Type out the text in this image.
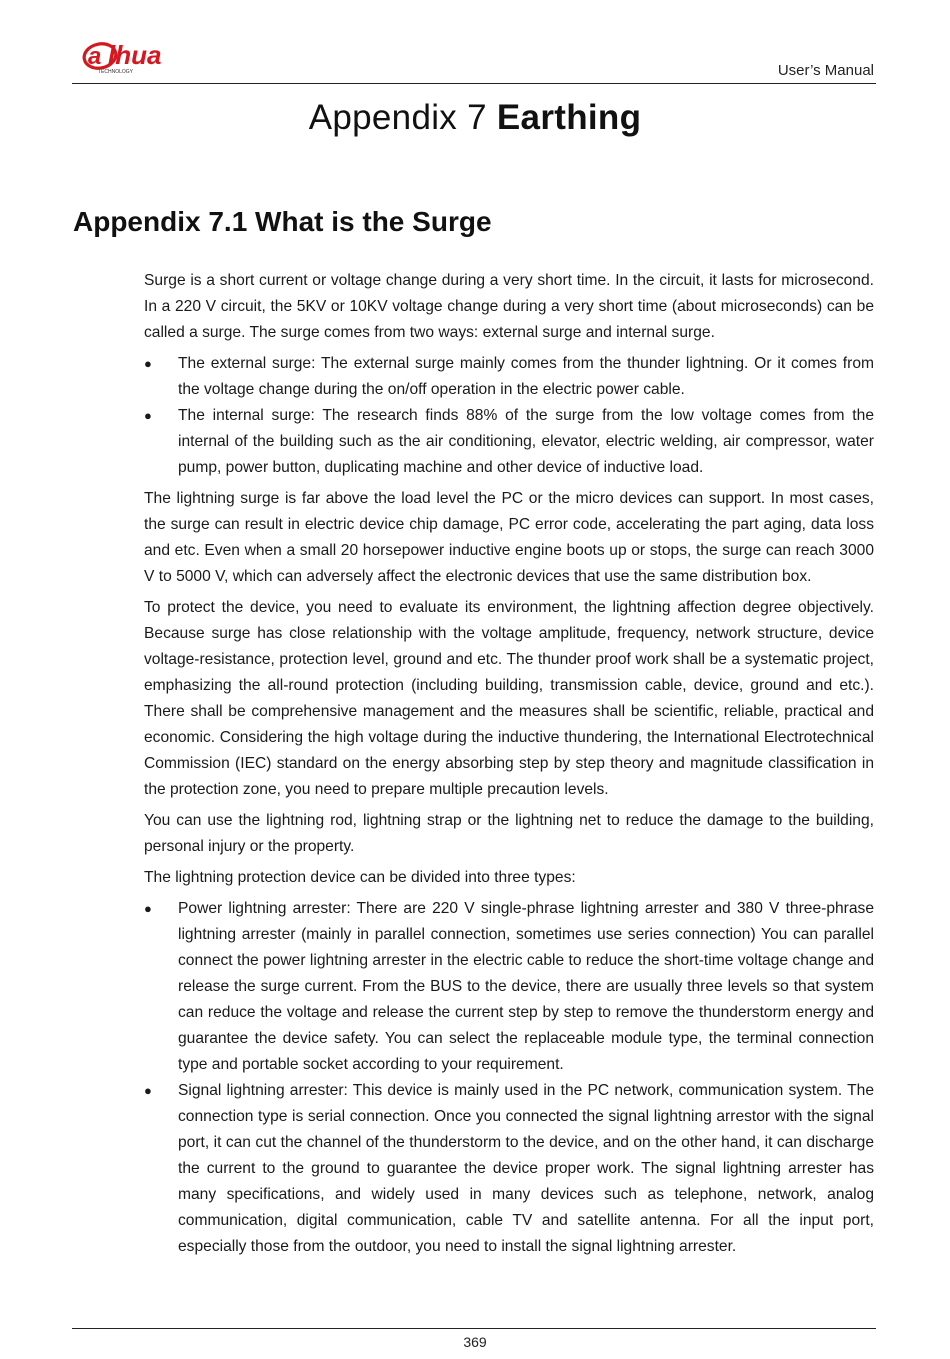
a lhua
TECHNOLOGY	User’s Manual
Appendix 7 Earthing
Appendix 7.1 What is the Surge

Surge is a short current or voltage change during a very short time. In the circuit, it lasts for microsecond. In a 220 V circuit, the 5KV or 10KV voltage change during a very short time (about microseconds) can be called a surge. The surge comes from two ways: external surge and internal surge.

● The external surge: The external surge mainly comes from the thunder lightning. Or it comes from the voltage change during the on/off operation in the electric power cable.
● The internal surge: The research finds 88% of the surge from the low voltage comes from the internal of the building such as the air conditioning, elevator, electric welding, air compressor, water pump, power button, duplicating machine and other device of inductive load.

The lightning surge is far above the load level the PC or the micro devices can support. In most cases, the surge can result in electric device chip damage, PC error code, accelerating the part aging, data loss and etc. Even when a small 20 horsepower inductive engine boots up or stops, the surge can reach 3000 V to 5000 V, which can adversely affect the electronic devices that use the same distribution box.

To protect the device, you need to evaluate its environment, the lightning affection degree objectively. Because surge has close relationship with the voltage amplitude, frequency, network structure, device voltage-resistance, protection level, ground and etc. The thunder proof work shall be a systematic project, emphasizing the all-round protection (including building, transmission cable, device, ground and etc.). There shall be comprehensive management and the measures shall be scientific, reliable, practical and economic. Considering the high voltage during the inductive thundering, the International Electrotechnical Commission (IEC) standard on the energy absorbing step by step theory and magnitude classification in the protection zone, you need to prepare multiple precaution levels.

You can use the lightning rod, lightning strap or the lightning net to reduce the damage to the building, personal injury or the property.

The lightning protection device can be divided into three types:

● Power lightning arrester: There are 220 V single-phrase lightning arrester and 380 V three-phrase lightning arrester (mainly in parallel connection, sometimes use series connection) You can parallel connect the power lightning arrester in the electric cable to reduce the short-time voltage change and release the surge current. From the BUS to the device, there are usually three levels so that system can reduce the voltage and release the current step by step to remove the thunderstorm energy and guarantee the device safety. You can select the replaceable module type, the terminal connection type and portable socket according to your requirement.
● Signal lightning arrester: This device is mainly used in the PC network, communication system. The connection type is serial connection. Once you connected the signal lightning arrestor with the signal port, it can cut the channel of the thunderstorm to the device, and on the other hand, it can discharge the current to the ground to guarantee the device proper work. The signal lightning arrester has many specifications, and widely used in many devices such as telephone, network, analog communication, digital communication, cable TV and satellite antenna. For all the input port, especially those from the outdoor, you need to install the signal lightning arrester.
369
